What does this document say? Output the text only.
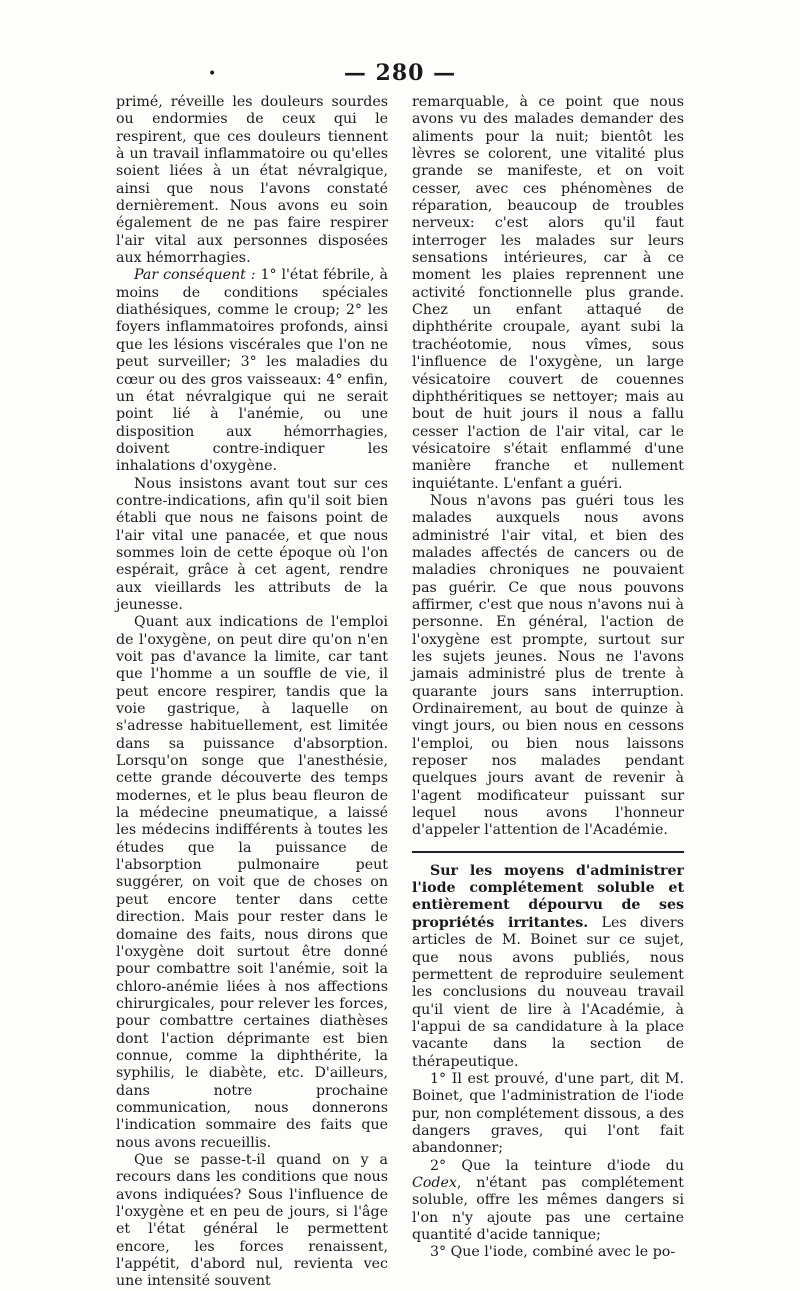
— 280 —
•

primé, réveille les douleurs sourdes ou endormies de ceux qui le respirent, que ces douleurs tiennent à un travail inflammatoire ou qu'elles soient liées à un état névralgique, ainsi que nous l'avons constaté dernièrement. Nous avons eu soin également de ne pas faire respirer l'air vital aux personnes disposées aux hémorrhagies.

Par conséquent : 1° l'état fébrile, à moins de conditions spéciales diathésiques, comme le croup; 2° les foyers inflammatoires profonds, ainsi que les lésions viscérales que l'on ne peut surveiller; 3° les maladies du cœur ou des gros vaisseaux: 4° enfin, un état névralgique qui ne serait point lié à l'anémie, ou une disposition aux hémorrhagies, doivent contre-indiquer les inhalations d'oxygène.

Nous insistons avant tout sur ces contre-indications, afin qu'il soit bien établi que nous ne faisons point de l'air vital une panacée, et que nous sommes loin de cette époque où l'on espérait, grâce à cet agent, rendre aux vieillards les attributs de la jeunesse.

Quant aux indications de l'emploi de l'oxygène, on peut dire qu'on n'en voit pas d'avance la limite, car tant que l'homme a un souffle de vie, il peut encore respirer, tandis que la voie gastrique, à laquelle on s'adresse habituellement, est limitée dans sa puissance d'absorption. Lorsqu'on songe que l'anesthésie, cette grande découverte des temps modernes, et le plus beau fleuron de la médecine pneumatique, a laissé les médecins indifférents à toutes les études que la puissance de l'absorption pulmonaire peut suggérer, on voit que de choses on peut encore tenter dans cette direction. Mais pour rester dans le domaine des faits, nous dirons que l'oxygène doit surtout être donné pour combattre soit l'anémie, soit la chloro-anémie liées à nos affections chirurgicales, pour relever les forces, pour combattre certaines diathèses dont l'action déprimante est bien connue, comme la diphthérite, la syphilis, le diabète, etc. D'ailleurs, dans notre prochaine communication, nous donnerons l'indication sommaire des faits que nous avons recueillis.

Que se passe-t-il quand on y a recours dans les conditions que nous avons indiquées? Sous l'influence de l'oxygène et en peu de jours, si l'âge et l'état général le permettent encore, les forces renaissent, l'appétit, d'abord nul, revienta vec une intensité souvent

remarquable, à ce point que nous avons vu des malades demander des aliments pour la nuit; bientôt les lèvres se colorent, une vitalité plus grande se manifeste, et on voit cesser, avec ces phénomènes de réparation, beaucoup de troubles nerveux: c'est alors qu'il faut interroger les malades sur leurs sensations intérieures, car à ce moment les plaies reprennent une activité fonctionnelle plus grande. Chez un enfant attaqué de diphthérite croupale, ayant subi la trachéotomie, nous vîmes, sous l'influence de l'oxygène, un large vésicatoire couvert de couennes diphthéritiques se nettoyer; mais au bout de huit jours il nous a fallu cesser l'action de l'air vital, car le vésicatoire s'était enflammé d'une manière franche et nullement inquiétante. L'enfant a guéri.

Nous n'avons pas guéri tous les malades auxquels nous avons administré l'air vital, et bien des malades affectés de cancers ou de maladies chroniques ne pouvaient pas guérir. Ce que nous pouvons affirmer, c'est que nous n'avons nui à personne. En général, l'action de l'oxygène est prompte, surtout sur les sujets jeunes. Nous ne l'avons jamais administré plus de trente à quarante jours sans interruption. Ordinairement, au bout de quinze à vingt jours, ou bien nous en cessons l'emploi, ou bien nous laissons reposer nos malades pendant quelques jours avant de revenir à l'agent modificateur puissant sur lequel nous avons l'honneur d'appeler l'attention de l'Académie.

Sur les moyens d'administrer l'iode complétement soluble et entièrement dépourvu de ses propriétés irritantes. Les divers articles de M. Boinet sur ce sujet, que nous avons publiés, nous permettent de reproduire seulement les conclusions du nouveau travail qu'il vient de lire à l'Académie, à l'appui de sa candidature à la place vacante dans la section de thérapeutique.

1° Il est prouvé, d'une part, dit M. Boinet, que l'administration de l'iode pur, non complétement dissous, a des dangers graves, qui l'ont fait abandonner;

2° Que la teinture d'iode du Codex, n'étant pas complétement soluble, offre les mêmes dangers si l'on n'y ajoute pas une certaine quantité d'acide tannique;

3° Que l'iode, combiné avec le po-
